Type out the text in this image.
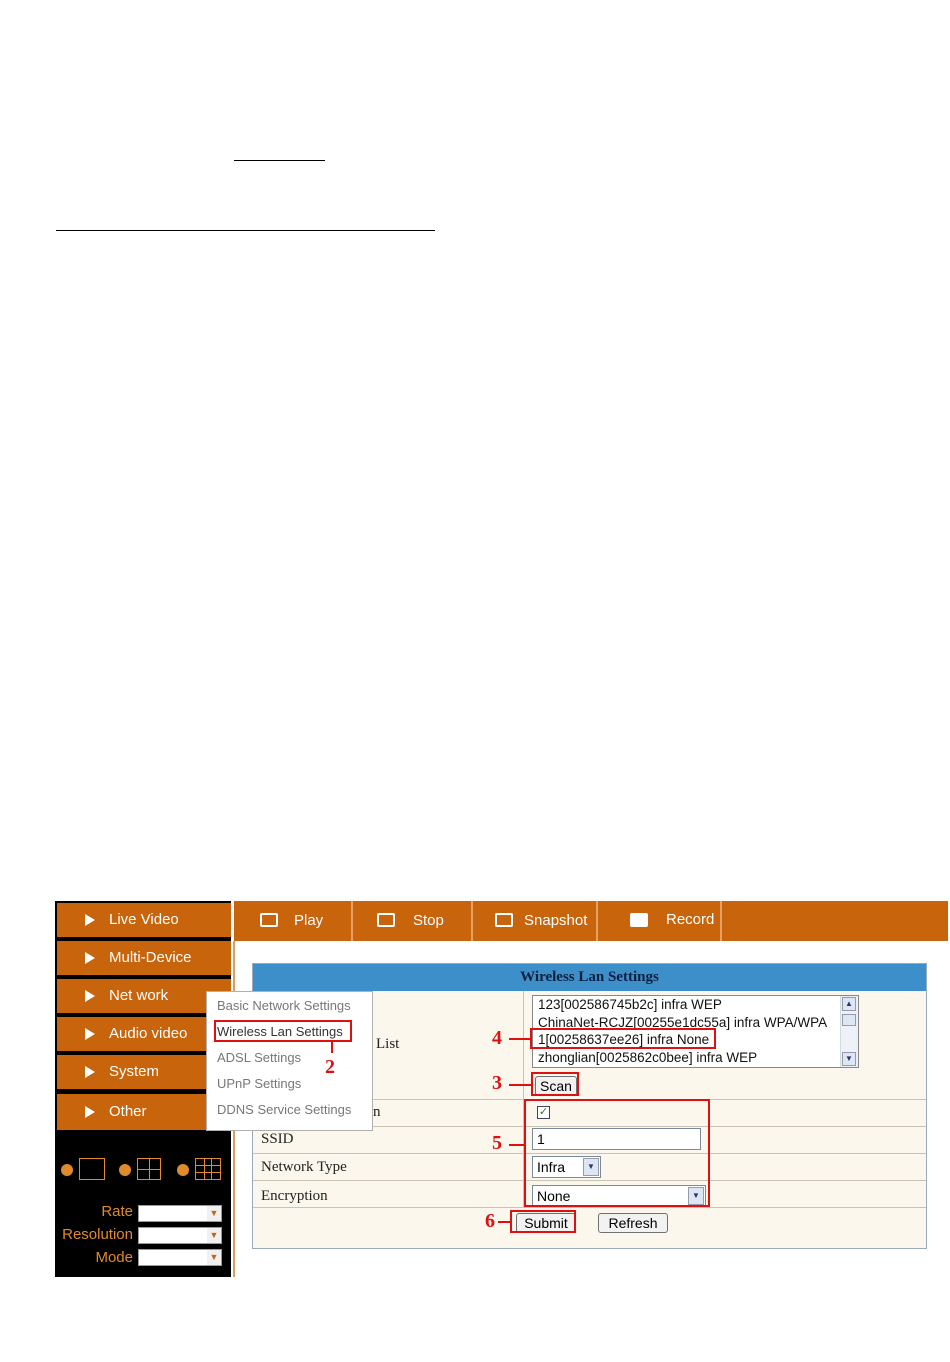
Live Video
Multi-Device
Net work
Audio video
System
Other
Rate	▼
Resolution	▼
Mode	▼
Play	Stop	Snapshot	Record
Wireless Lan Settings
List
123[002586745b2c] infra WEP
ChinaNet-RCJZ[00255e1dc55a] infra WPA/WPA
1[00258637ee26] infra None
zhonglian[0025862c0bee] infra WEP
▲
▼
Scan
n	✓
SSID	1
Network Type	Infra	▼
Encryption	None	▼
Submit	Refresh
Basic Network Settings
Wireless Lan Settings
ADSL Settings
UPnP Settings
DDNS Service Settings
2
4
3
5
6
